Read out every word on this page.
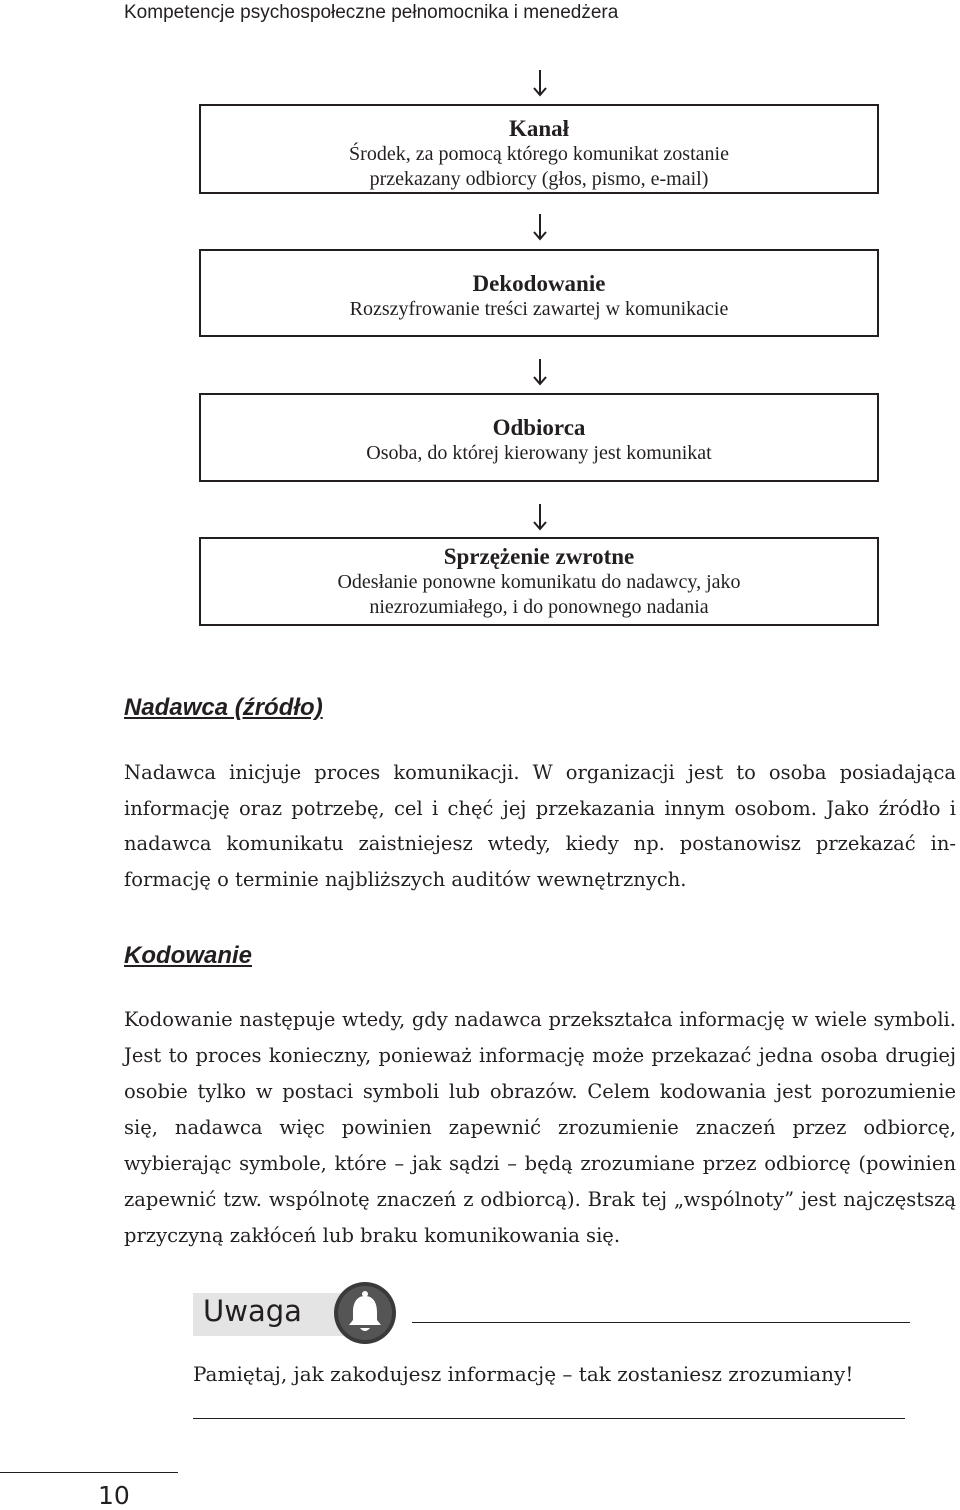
Kompetencje psychospołeczne pełnomocnika i menedżera
Kanał
Środek, za pomocą którego komunikat zostanie
przekazany odbiorcy (głos, pismo, e-mail)
Dekodowanie
Rozszyfrowanie treści zawartej w komunikacie
Odbiorca
Osoba, do której kierowany jest komunikat
Sprzężenie zwrotne
Odesłanie ponowne komunikatu do nadawcy, jako
niezrozumiałego, i do ponownego nadania
Nadawca (źródło)
Nadawca inicjuje proces komunikacji. W organizacji jest to osoba posiadająca informację oraz potrzebę, cel i chęć jej przekazania innym osobom. Jako źródło i nadawca komunikatu zaistniejesz wtedy, kiedy np. postanowisz przekazać informację o terminie najbliższych auditów wewnętrznych.
Kodowanie
Kodowanie następuje wtedy, gdy nadawca przekształca informację w wiele symboli. Jest to proces konieczny, ponieważ informację może przekazać jedna osoba drugiej osobie tylko w postaci symboli lub obrazów. Celem kodowania jest porozumienie się, nadawca więc powinien zapewnić zrozumienie znaczeń przez odbiorcę, wybierając symbole, które – jak sądzi – będą zrozumiane przez odbiorcę (powinien zapewnić tzw. wspólnotę znaczeń z odbiorcą). Brak tej „wspólnoty” jest najczęstszą przyczyną zakłóceń lub braku komunikowania się.
Uwaga
Pamiętaj, jak zakodujesz informację – tak zostaniesz zrozumiany!
10
